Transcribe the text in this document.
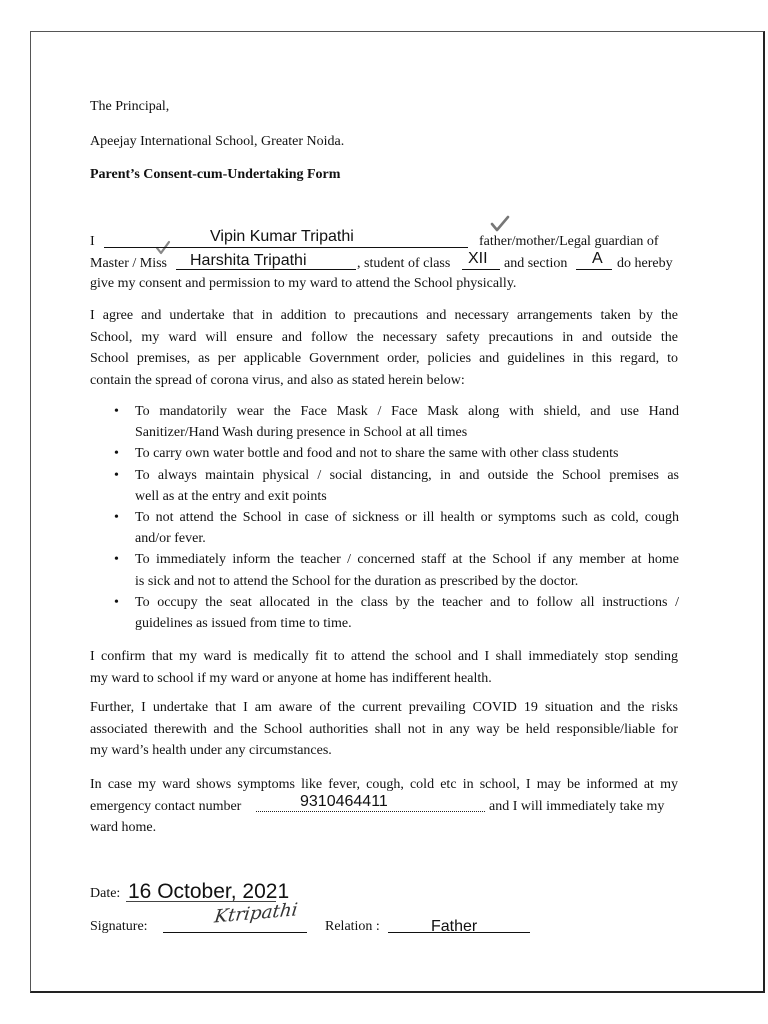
The Principal,
Apeejay International School, Greater Noida.
Parent’s Consent-cum-Undertaking Form
I	Vipin Kumar Tripathi	father/mother/Legal guardian of
Master / Miss Harshita Tripathi	, student of class XII and section A do hereby
give my consent and permission to my ward to attend the School physically.
I agree and undertake that in addition to precautions and necessary arrangements taken by the
School, my ward will ensure and follow the necessary safety precautions in and outside the
School premises, as per applicable Government order, policies and guidelines in this regard, to
contain the spread of corona virus, and also as stated herein below:
• To mandatorily wear the Face Mask / Face Mask along with shield, and use Hand
Sanitizer/Hand Wash during presence in School at all times
• To carry own water bottle and food and not to share the same with other class students
• To always maintain physical / social distancing, in and outside the School premises as
well as at the entry and exit points
• To not attend the School in case of sickness or ill health or symptoms such as cold, cough
and/or fever.
• To immediately inform the teacher / concerned staff at the School if any member at home
is sick and not to attend the School for the duration as prescribed by the doctor.
• To occupy the seat allocated in the class by the teacher and to follow all instructions /
guidelines as issued from time to time.
I confirm that my ward is medically fit to attend the school and I shall immediately stop sending
my ward to school if my ward or anyone at home has indifferent health.
Further, I undertake that I am aware of the current prevailing COVID 19 situation and the risks
associated therewith and the School authorities shall not in any way be held responsible/liable for
my ward’s health under any circumstances.
In case my ward shows symptoms like fever, cough, cold etc in school, I may be informed at my
emergency contact number	9310464411	and I will immediately take my
ward home.
Date: 16 October, 2021
Signature:	Ktripathi Relation :	Father
